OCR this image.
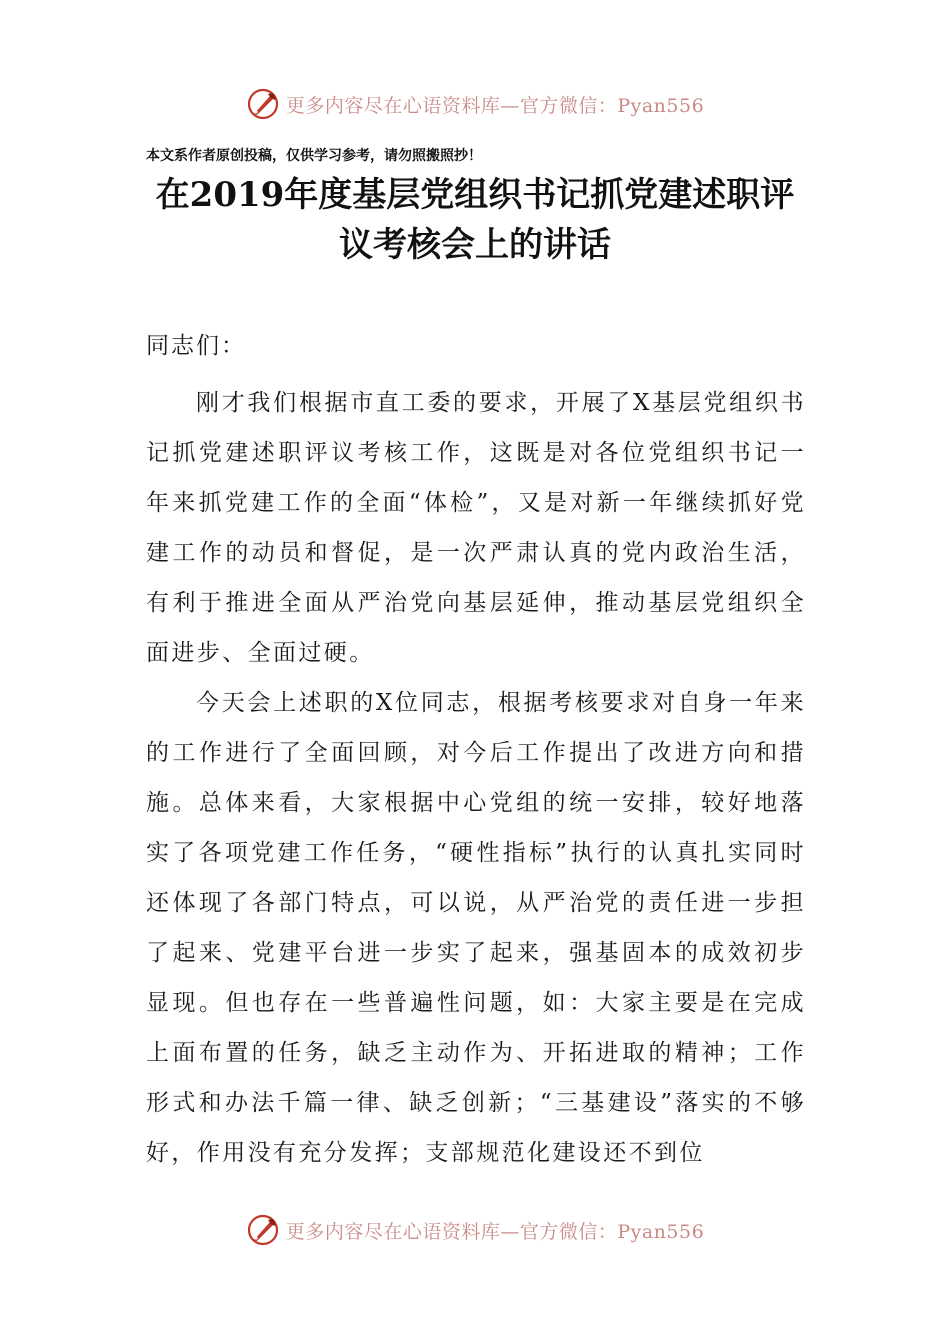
更多内容尽在心语资料库—官方微信：Pyan556
本文系作者原创投稿，仅供学习参考，请勿照搬照抄！
在2019年度基层党组织书记抓党建述职评议考核会上的讲话
同志们：

刚才我们根据市直工委的要求，开展了X基层党组织书记抓党建述职评议考核工作，这既是对各位党组织书记一年来抓党建工作的全面“体检”，又是对新一年继续抓好党建工作的动员和督促，是一次严肃认真的党内政治生活，有利于推进全面从严治党向基层延伸，推动基层党组织全面进步、全面过硬。

今天会上述职的X位同志，根据考核要求对自身一年来的工作进行了全面回顾，对今后工作提出了改进方向和措施。总体来看，大家根据中心党组的统一安排，较好地落实了各项党建工作任务，“硬性指标”执行的认真扎实同时还体现了各部门特点，可以说，从严治党的责任进一步担了起来、党建平台进一步实了起来，强基固本的成效初步显现。但也存在一些普遍性问题，如：大家主要是在完成上面布置的任务，缺乏主动作为、开拓进取的精神；工作形式和办法千篇一律、缺乏创新；“三基建设”落实的不够好，作用没有充分发挥；支部规范化建设还不到位

更多内容尽在心语资料库—官方微信：Pyan556
